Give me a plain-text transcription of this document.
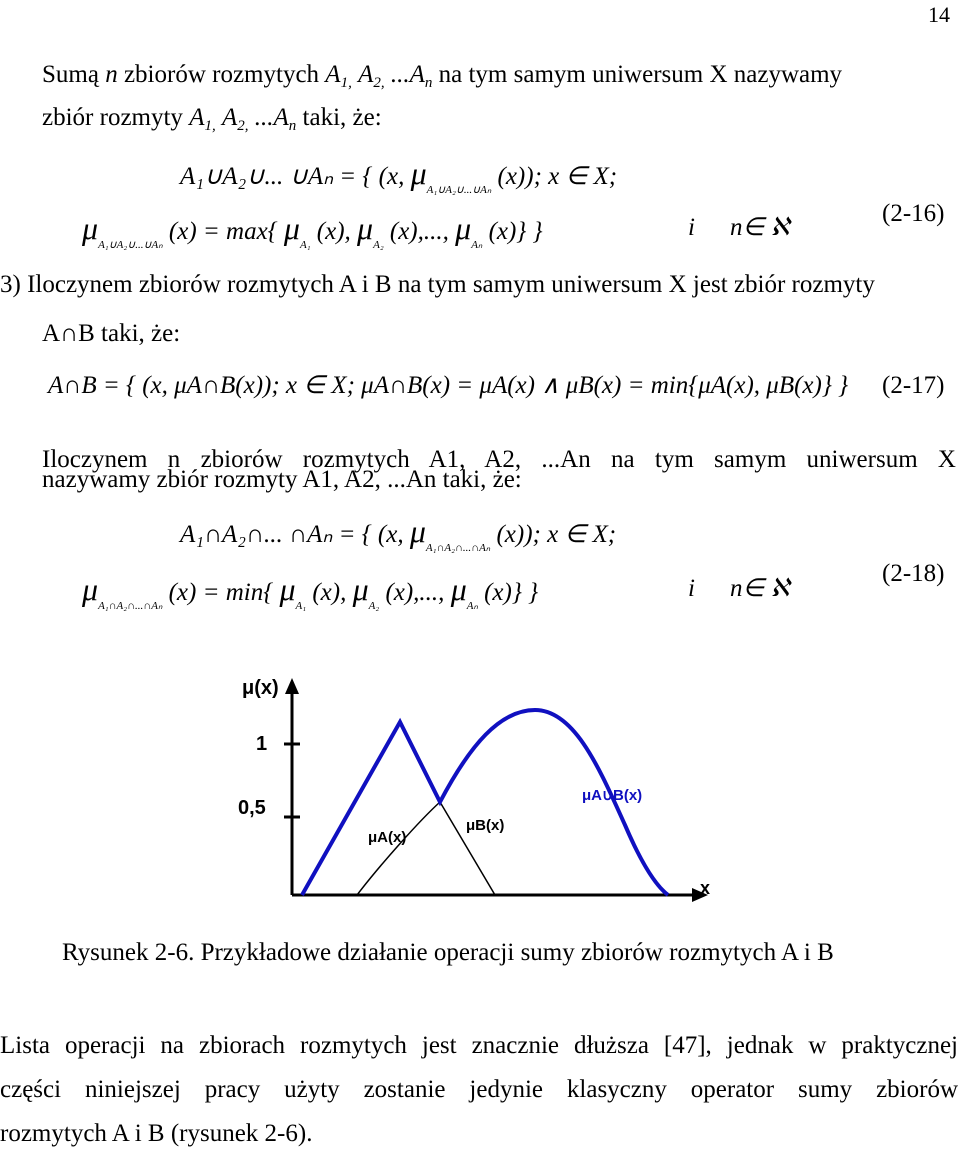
14
Sumą n zbiorów rozmytych $A_{1,}$ $A_{2,}$ $...A_n$ na tym samym uniwersum X nazywamy
zbiór rozmyty $A_{1,}$ $A_{2,}$ $...A_n$ taki, że:
A₁∪A₂∪... ∪Aₙ = { (x, $\mu_{A_1\cup A_2\cup...\cup A_n}$ (x)); x ∈ X;
$\mu_{A_1\cup A_2\cup...\cup A_n}$ (x) = max{ $\mu_{A_1}$ (x), $\mu_{A_2}$ (x),..., $\mu_{A_n}$ (x)} }	i n∈ ℵ
(2-16)
3) Iloczynem zbiorów rozmytych A i B na tym samym uniwersum X jest zbiór rozmyty
A∩B taki, że:
A∩B = { (x, μA∩B(x)); x ∈ X; μA∩B(x) = μA(x) ∧ μB(x) = min{μA(x), μB(x)} } (2-17)
Iloczynem n zbiorów rozmytych A1, A2, ...An na tym samym uniwersum X
nazywamy zbiór rozmyty A1, A2, ...An taki, że:
A₁∩A₂∩... ∩Aₙ = { (x, $\mu_{A_1\cap A_2\cap...\cap A_n}$ (x)); x ∈ X;
$\mu_{A_1\cap A_2\cap...\cap A_n}$ (x) = min{ $\mu_{A_1}$ (x), $\mu_{A_2}$ (x),..., $\mu_{A_n}$ (x)} }	i n∈ ℵ
(2-18)
μ(x)
1
0,5
x
μA(x)
μB(x)
μA∪B(x)
Rysunek 2-6. Przykładowe działanie operacji sumy zbiorów rozmytych A i B
Lista operacji na zbiorach rozmytych jest znacznie dłuższa [47], jednak w praktycznej
części niniejszej pracy użyty zostanie jedynie klasyczny operator sumy zbiorów
rozmytych A i B (rysunek 2-6).
